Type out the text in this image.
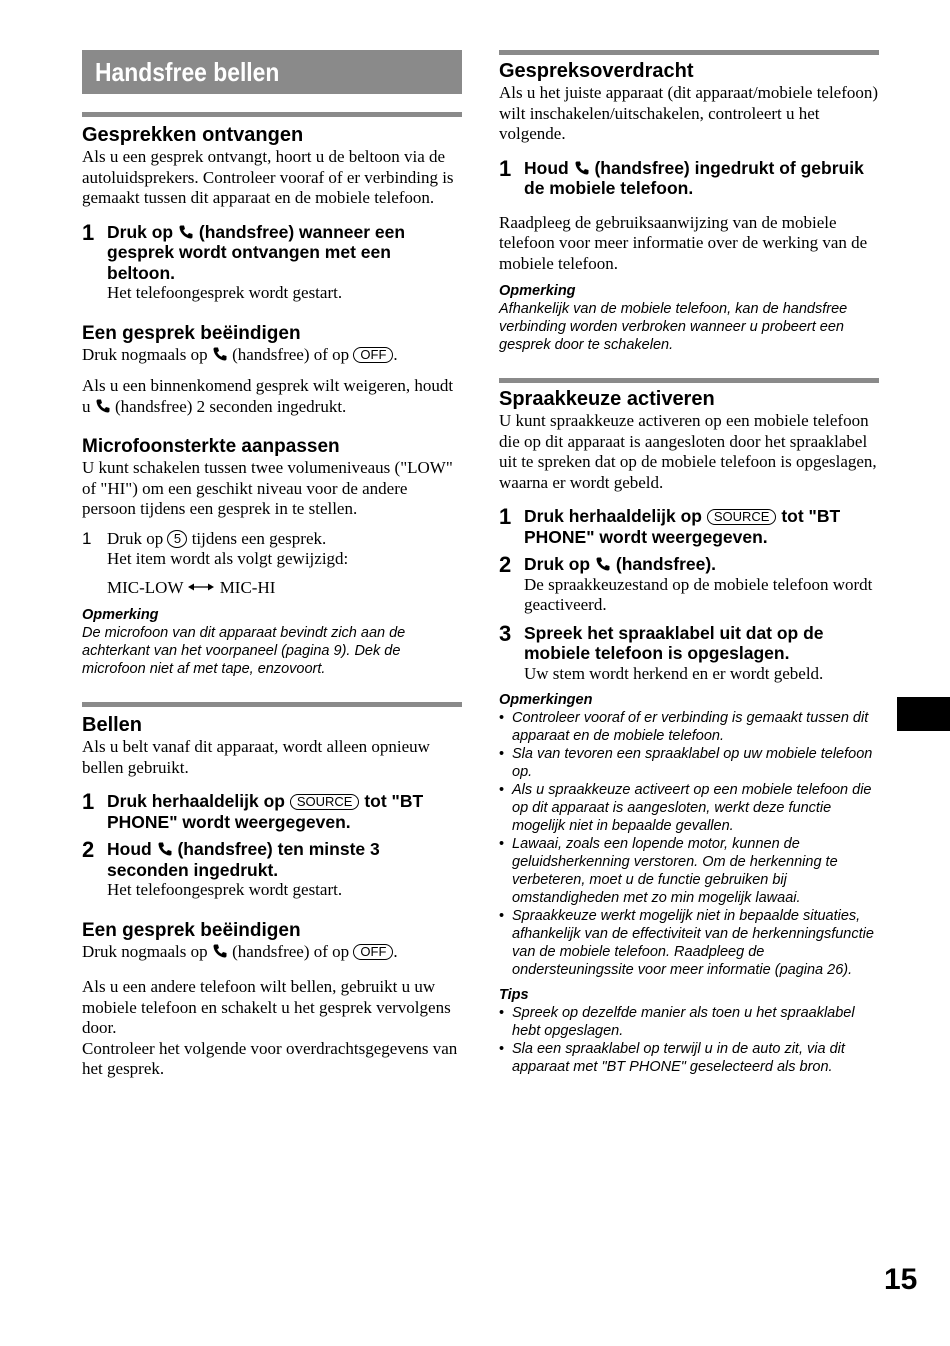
Handsfree bellen
Gesprekken ontvangen

Als u een gesprek ontvangt, hoort u de beltoon via de autoluidsprekers. Controleer vooraf of er verbinding is gemaakt tussen dit apparaat en de mobiele telefoon.

1 Druk op (handsfree) wanneer een gesprek wordt ontvangen met een beltoon.

Het telefoongesprek wordt gestart.

Een gesprek beëindigen

Druk nogmaals op (handsfree) of op OFF .

Als u een binnenkomend gesprek wilt weigeren, houdt u (handsfree) 2 seconden ingedrukt.

Microfoonsterkte aanpassen

U kunt schakelen tussen twee volumeniveaus ("LOW" of "HI") om een geschikt niveau voor de andere persoon tijdens een gesprek in te stellen.

1 Druk op 5 tijdens een gesprek.

Het item wordt als volgt gewijzigd:

MIC-LOW MIC-HI

Opmerking

De microfoon van dit apparaat bevindt zich aan de achterkant van het voorpaneel (pagina 9). Dek de microfoon niet af met tape, enzovoort.

Bellen

Als u belt vanaf dit apparaat, wordt alleen opnieuw bellen gebruikt.

1 Druk herhaaldelijk op SOURCE tot "BT PHONE" wordt weergegeven.
2 Houd (handsfree) ten minste 3 seconden ingedrukt.

Het telefoongesprek wordt gestart.

Een gesprek beëindigen

Druk nogmaals op (handsfree) of op OFF .

Als u een andere telefoon wilt bellen, gebruikt u uw mobiele telefoon en schakelt u het gesprek vervolgens door.

Controleer het volgende voor overdrachtsgegevens van het gesprek.

Gespreksoverdracht

Als u het juiste apparaat (dit apparaat/mobiele telefoon) wilt inschakelen/uitschakelen, controleert u het volgende.

1 Houd (handsfree) ingedrukt of gebruik de mobiele telefoon.

Raadpleeg de gebruiksaanwijzing van de mobiele telefoon voor meer informatie over de werking van de mobiele telefoon.

Opmerking

Afhankelijk van de mobiele telefoon, kan de handsfree verbinding worden verbroken wanneer u probeert een gesprek door te schakelen.

Spraakkeuze activeren

U kunt spraakkeuze activeren op een mobiele telefoon die op dit apparaat is aangesloten door het spraaklabel uit te spreken dat op de mobiele telefoon is opgeslagen, waarna er wordt gebeld.

1 Druk herhaaldelijk op SOURCE tot "BT PHONE" wordt weergegeven.
2 Druk op (handsfree).

De spraakkeuzestand op de mobiele telefoon wordt geactiveerd.

3 Spreek het spraaklabel uit dat op de mobiele telefoon is opgeslagen.

Uw stem wordt herkend en er wordt gebeld.

Opmerkingen

• Controleer vooraf of er verbinding is gemaakt tussen dit apparaat en de mobiele telefoon.
• Sla van tevoren een spraaklabel op uw mobiele telefoon op.
• Als u spraakkeuze activeert op een mobiele telefoon die op dit apparaat is aangesloten, werkt deze functie mogelijk niet in bepaalde gevallen.
• Lawaai, zoals een lopende motor, kunnen de geluidsherkenning verstoren. Om de herkenning te verbeteren, moet u de functie gebruiken bij omstandigheden met zo min mogelijk lawaai.
• Spraakkeuze werkt mogelijk niet in bepaalde situaties, afhankelijk van de effectiviteit van de herkenningsfunctie van de mobiele telefoon. Raadpleeg de ondersteuningssite voor meer informatie (pagina 26).

Tips

• Spreek op dezelfde manier als toen u het spraaklabel hebt opgeslagen.
• Sla een spraaklabel op terwijl u in de auto zit, via dit apparaat met "BT PHONE" geselecteerd als bron.
15
